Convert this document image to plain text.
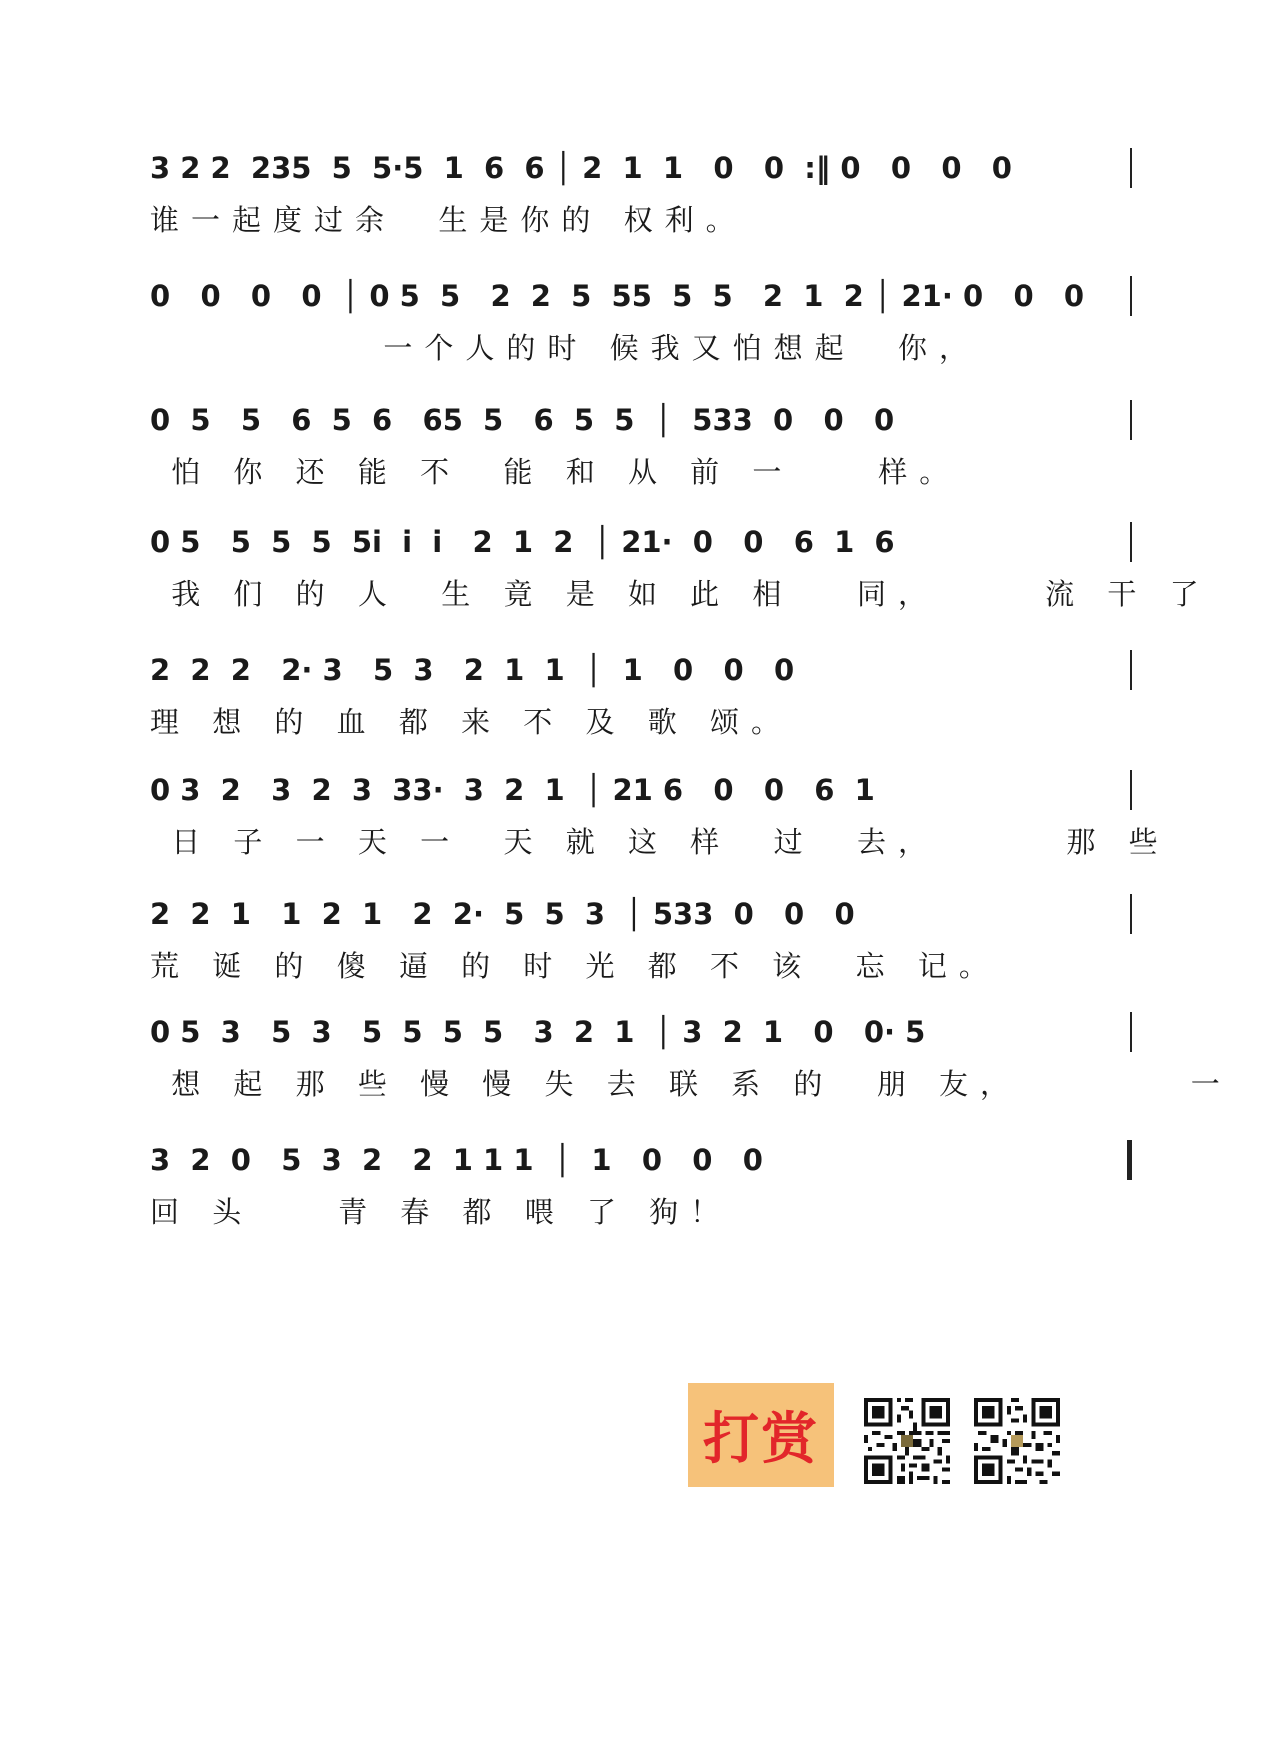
3 2 2  235  5  5·5  1  6  6 │ 2  1  1   0   0  :‖ 0   0   0   0
谁一起度过余  生是你的 权利。
0   0   0   0  │ 0 5  5   2  2  5  55  5  5   2  1  2 │ 21· 0   0   0
一个人的时 候我又怕想起  你，
0  5   5   6  5  6   65  5   6  5  5  │  533  0   0   0
怕 你 还 能 不  能 和 从 前 一    样。
0 5   5  5  5  5i  i  i   2  1  2  │ 21·  0   0   6  1  6
我 们 的 人  生 竟 是 如 此 相   同，     流 干 了
2  2  2   2· 3   5  3   2  1  1  │  1   0   0   0
理 想 的 血 都 来 不 及 歌 颂。
0 3  2   3  2  3  33·  3  2  1  │ 21 6   0   0   6  1
日 子 一 天 一  天 就 这 样  过  去，      那 些
2  2  1   1  2  1   2  2·  5  5  3  │ 533  0   0   0
荒 诞 的 傻 逼 的 时 光 都 不 该  忘 记。
0 5  3   5  3   5  5  5  5   3  2  1  │ 3  2  1   0   0· 5
想 起 那 些 慢 慢 失 去 联 系 的  朋 友，        一
3  2  0   5  3  2   2  1 1 1  │  1   0   0   0
回 头    青 春 都 喂 了 狗！
打赏
